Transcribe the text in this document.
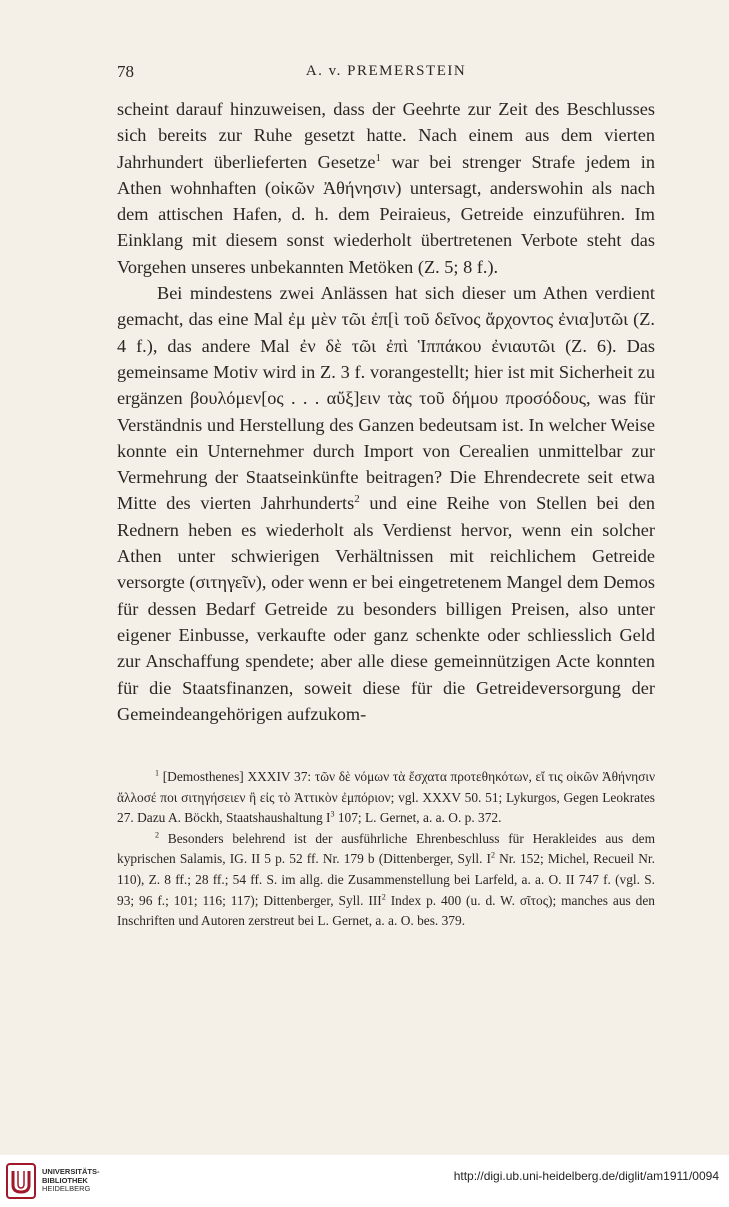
78	A. v. PREMERSTEIN

scheint darauf hinzuweisen, dass der Geehrte zur Zeit des Beschlusses sich bereits zur Ruhe gesetzt hatte. Nach einem aus dem vierten Jahrhundert überlieferten Gesetze$^1$ war bei strenger Strafe jedem in Athen wohnhaften (οἰκῶν Ἀθήνησιν) untersagt, anderswohin als nach dem attischen Hafen, d. h. dem Peiraieus, Getreide einzuführen. Im Einklang mit diesem sonst wiederholt übertretenen Verbote steht das Vorgehen unseres unbekannten Metöken (Z. 5; 8 f.).

Bei mindestens zwei Anlässen hat sich dieser um Athen verdient gemacht, das eine Mal ἐμ μὲν τῶι ἐπ[ὶ τοῦ δεῖνος ἄρχοντος ἐνια]υτῶι (Z. 4 f.), das andere Mal ἐν δὲ τῶι ἐπὶ Ἱππάκου ἐνιαυτῶι (Z. 6). Das gemeinsame Motiv wird in Z. 3 f. vorangestellt; hier ist mit Sicherheit zu ergänzen βουλόμεν[ος . . . αὔξ]ειν τὰς τοῦ δήμου προσόδους, was für Verständnis und Herstellung des Ganzen bedeutsam ist. In welcher Weise konnte ein Unternehmer durch Import von Cerealien unmittelbar zur Vermehrung der Staatseinkünfte beitragen? Die Ehrendecrete seit etwa Mitte des vierten Jahrhunderts$^2$ und eine Reihe von Stellen bei den Rednern heben es wiederholt als Verdienst hervor, wenn ein solcher Athen unter schwierigen Verhältnissen mit reichlichem Getreide versorgte (σιτηγεῖν), oder wenn er bei eingetretenem Mangel dem Demos für dessen Bedarf Getreide zu besonders billigen Preisen, also unter eigener Einbusse, verkaufte oder ganz schenkte oder schliesslich Geld zur Anschaffung spendete; aber alle diese gemeinnützigen Acte konnten für die Staatsfinanzen, soweit diese für die Getreideversorgung der Gemeindeangehörigen aufzukom-

$^1$ [Demosthenes] XXXIV 37: τῶν δὲ νόμων τὰ ἔσχατα προτεθηκότων, εἴ τις οἰκῶν Ἀθήνησιν ἄλλοσέ ποι σιτηγήσειεν ἢ εἰς τὸ Ἀττικὸν ἐμπόριον; vgl. XXXV 50. 51; Lykurgos, Gegen Leokrates 27. Dazu A. Böckh, Staatshaushaltung $I^3$ 107; L. Gernet, a. a. O. p. 372.

$^2$ Besonders belehrend ist der ausführliche Ehrenbeschluss für Herakleides aus dem kyprischen Salamis, IG. II 5 p. 52 ff. Nr. 179 b (Dittenberger, Syll. $I^2$ Nr. 152; Michel, Recueil Nr. 110), Z. 8 ff.; 28 ff.; 54 ff. S. im allg. die Zusammenstellung bei Larfeld, a. a. O. II 747 f. (vgl. S. 93; 96 f.; 101; 116; 117); Dittenberger, Syll. III$^2$ Index p. 400 (u. d. W. σῖτος); manches aus den Inschriften und Autoren zerstreut bei L. Gernet, a. a. O. bes. 379.

UNIVERSITÄTS-
BIBLIOTHEK
HEIDELBERG
http://digi.ub.uni-heidelberg.de/diglit/am1911/0094
